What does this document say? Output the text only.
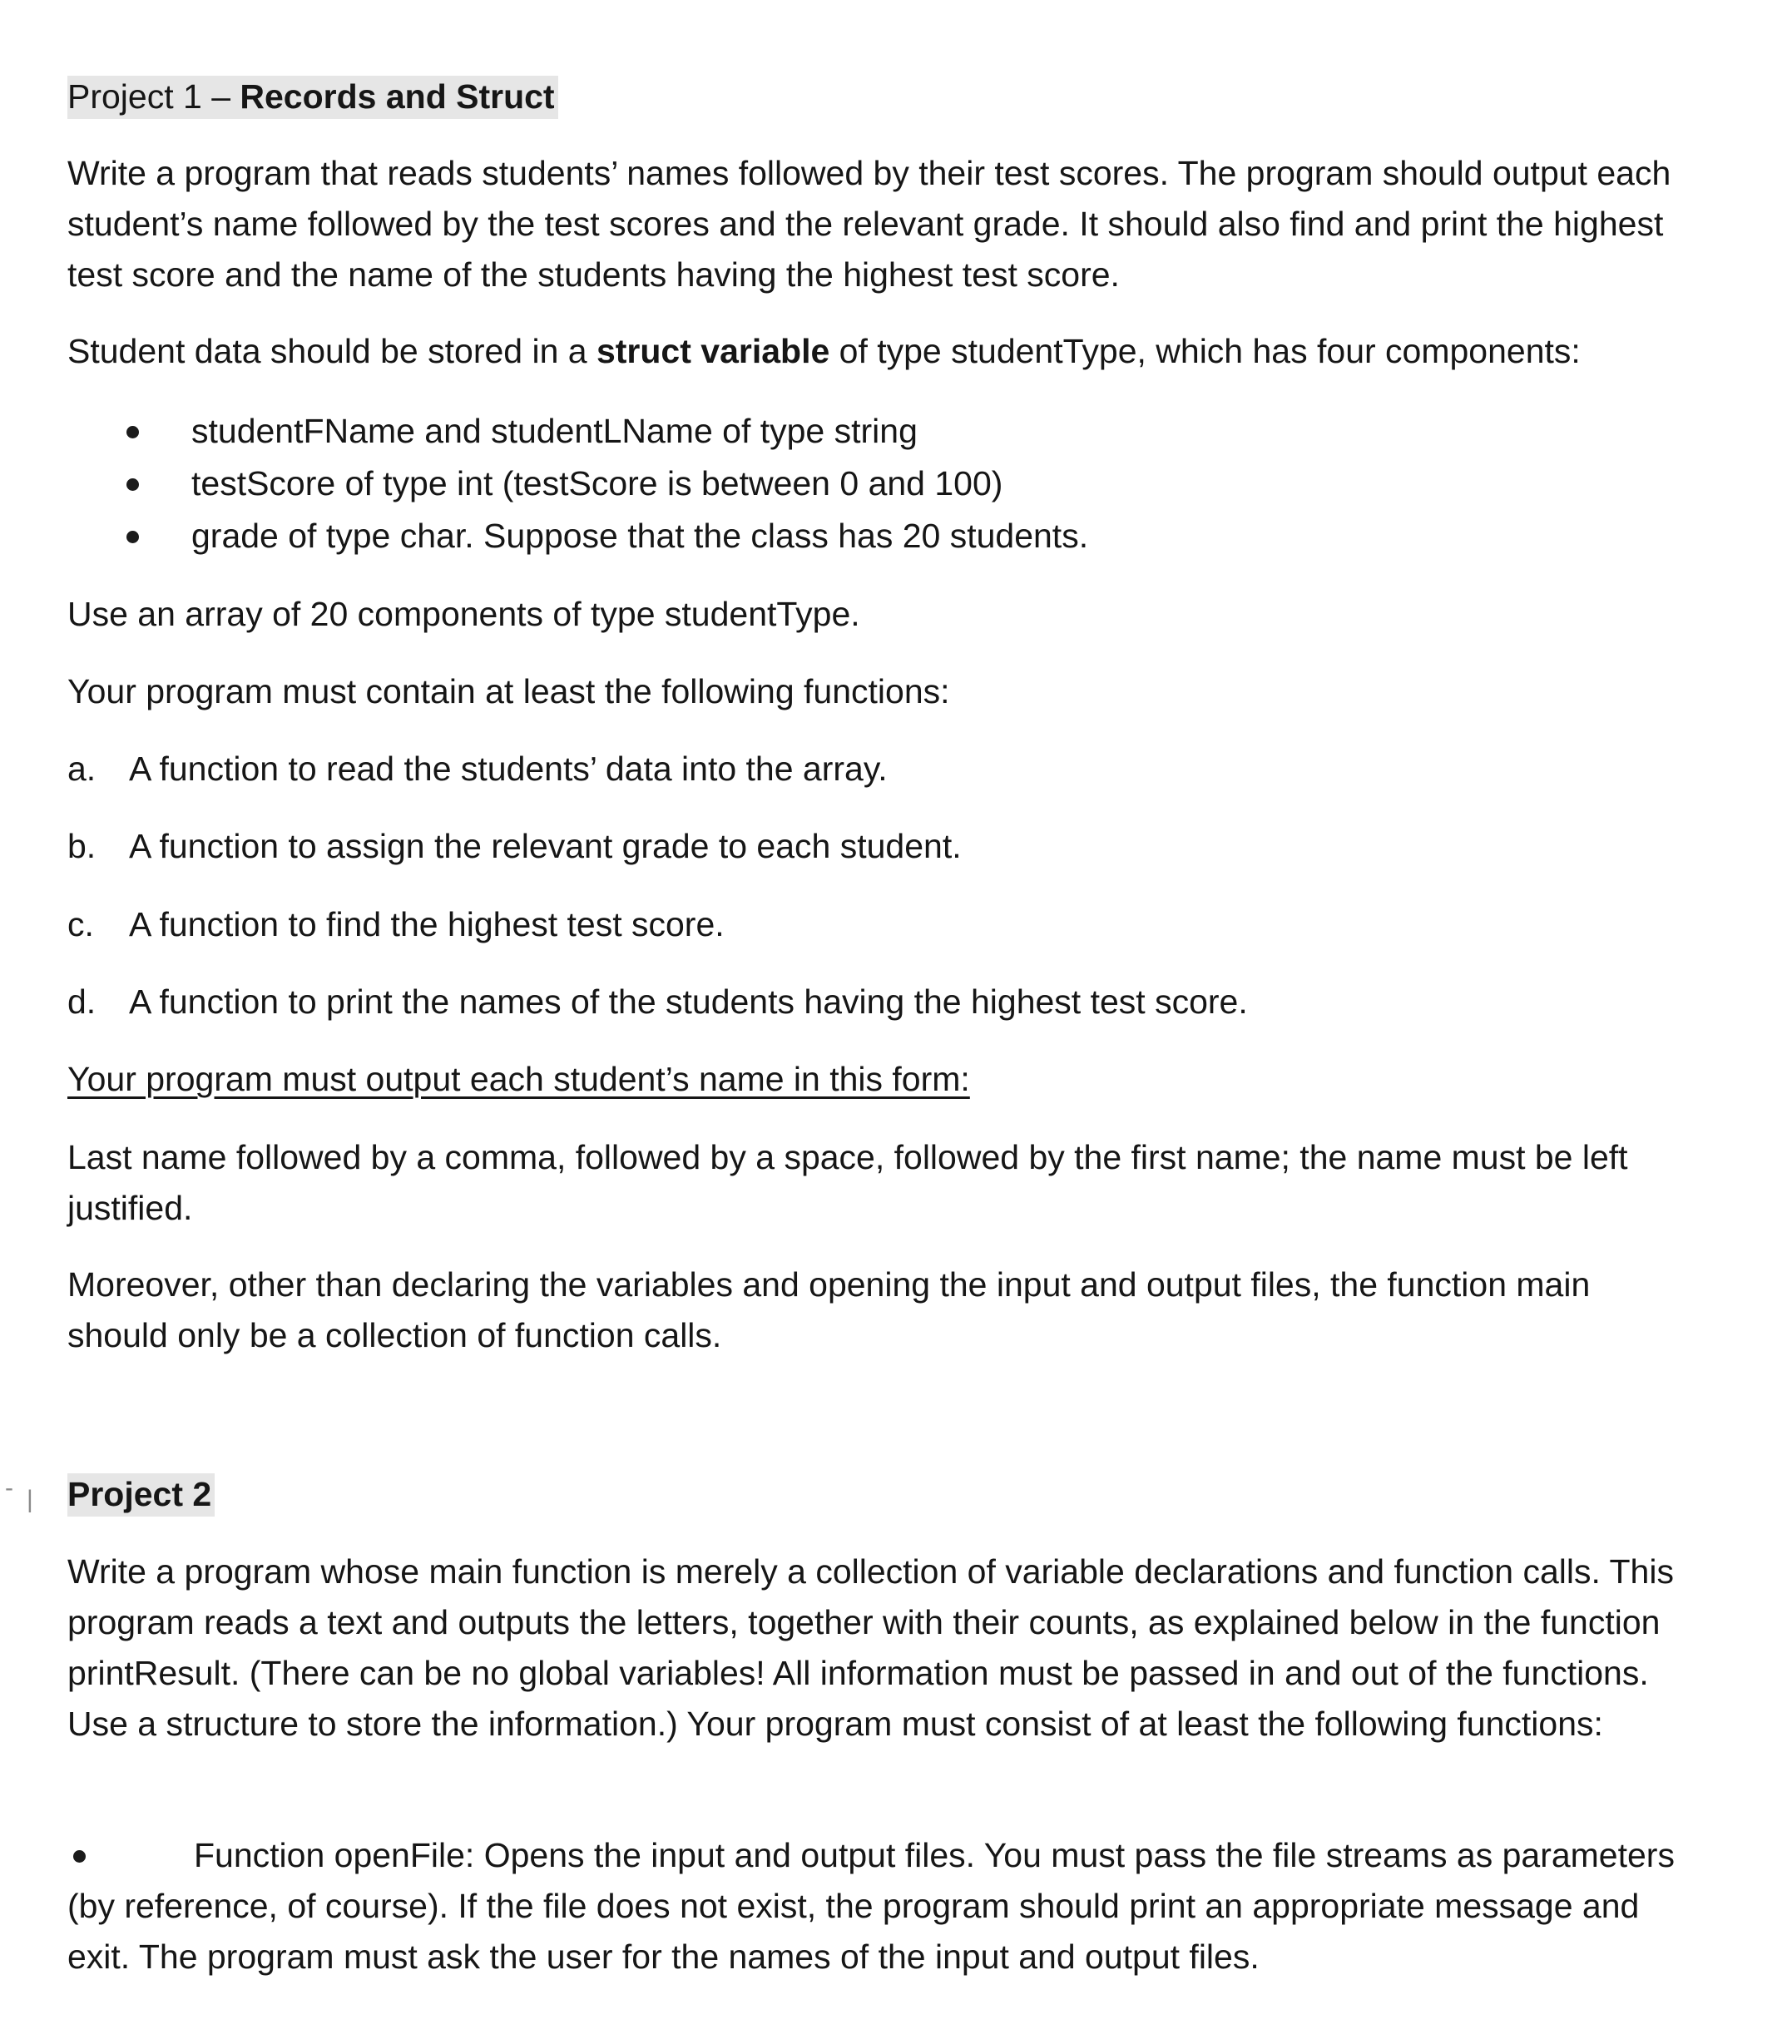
Project 1 – Records and Struct

Write a program that reads students’ names followed by their test scores. The program should output each student’s name followed by the test scores and the relevant grade. It should also find and print the highest test score and the name of the students having the highest test score.

Student data should be stored in a struct variable of type studentType, which has four components:

studentFName and studentLName of type string

testScore of type int (testScore is between 0 and 100)

grade of type char. Suppose that the class has 20 students.

Use an array of 20 components of type studentType.

Your program must contain at least the following functions:

a. A function to read the students’ data into the array.

b. A function to assign the relevant grade to each student.

c. A function to find the highest test score.

d. A function to print the names of the students having the highest test score.

Your program must output each student’s name in this form:

Last name followed by a comma, followed by a space, followed by the first name; the name must be left justified.

Moreover, other than declaring the variables and opening the input and output files, the function main should only be a collection of function calls.

- | Project 2

Write a program whose main function is merely a collection of variable declarations and function calls. This program reads a text and outputs the letters, together with their counts, as explained below in the function printResult. (There can be no global variables! All information must be passed in and out of the functions. Use a structure to store the information.) Your program must consist of at least the following functions:

Function openFile: Opens the input and output files. You must pass the file streams as parameters (by reference, of course). If the file does not exist, the program should print an appropriate message and exit. The program must ask the user for the names of the input and output files.
